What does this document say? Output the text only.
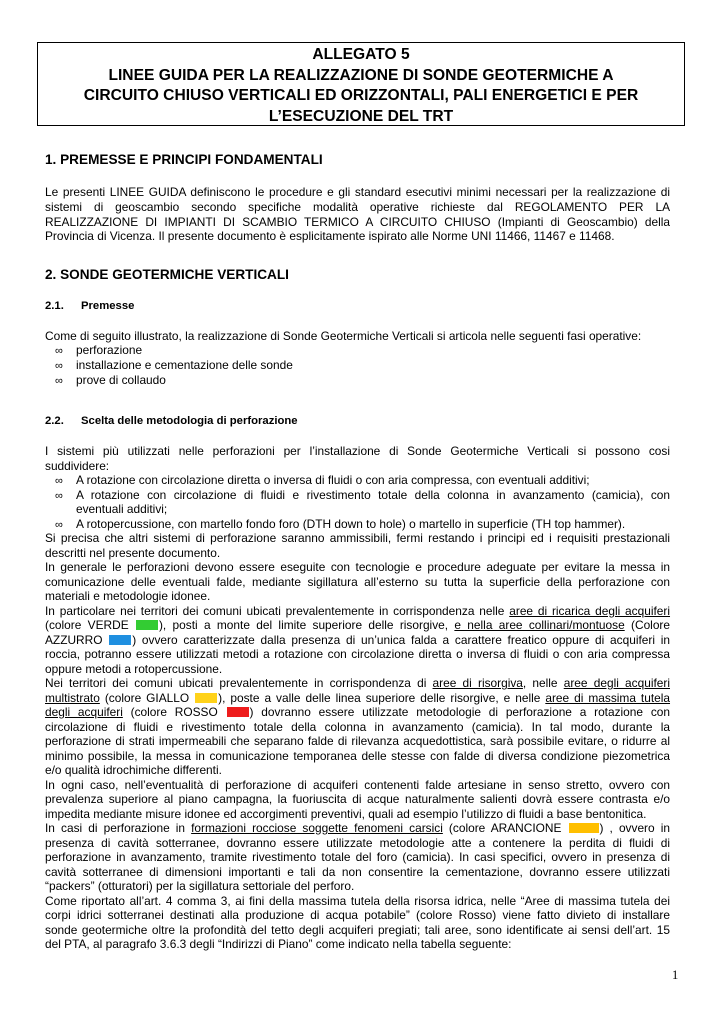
ALLEGATO 5
LINEE GUIDA PER LA REALIZZAZIONE DI SONDE GEOTERMICHE A
CIRCUITO CHIUSO VERTICALI ED ORIZZONTALI, PALI ENERGETICI E PER
L’ESECUZIONE DEL TRT
1. PREMESSE E PRINCIPI FONDAMENTALI
Le presenti LINEE GUIDA definiscono le procedure e gli standard esecutivi minimi necessari per la realizzazione di
sistemi di geoscambio secondo specifiche modalità operative richieste dal REGOLAMENTO PER LA
REALIZZAZIONE DI IMPIANTI DI SCAMBIO TERMICO A CIRCUITO CHIUSO (Impianti di Geoscambio) della
Provincia di Vicenza. Il presente documento è esplicitamente ispirato alle Norme UNI 11466, 11467 e 11468.
2. SONDE GEOTERMICHE VERTICALI
2.1. Premesse
Come di seguito illustrato, la realizzazione di Sonde Geotermiche Verticali si articola nelle seguenti fasi operative:
∞ perforazione
∞ installazione e cementazione delle sonde
∞ prove di collaudo
2.2. Scelta delle metodologia di perforazione
I sistemi più utilizzati nelle perforazioni per l’installazione di Sonde Geotermiche Verticali si possono cosi
suddividere:
∞ A rotazione con circolazione diretta o inversa di fluidi o con aria compressa, con eventuali additivi;
∞ A rotazione con circolazione di fluidi e rivestimento totale della colonna in avanzamento (camicia), con
eventuali additivi;
∞ A rotopercussione, con martello fondo foro (DTH down to hole) o martello in superficie (TH top hammer).
Si precisa che altri sistemi di perforazione saranno ammissibili, fermi restando i principi ed i requisiti prestazionali
descritti nel presente documento.
In generale le perforazioni devono essere eseguite con tecnologie e procedure adeguate per evitare la messa in
comunicazione delle eventuali falde, mediante sigillatura all’esterno su tutta la superficie della perforazione con
materiali e metodologie idonee.
In particolare nei territori dei comuni ubicati prevalentemente in corrispondenza nelle aree di ricarica degli acquiferi
(colore VERDE ), posti a monte del limite superiore delle risorgive, e nella aree collinari/montuose (Colore
AZZURRO ) ovvero caratterizzate dalla presenza di un’unica falda a carattere freatico oppure di acquiferi in
roccia, potranno essere utilizzati metodi a rotazione con circolazione diretta o inversa di fluidi o con aria compressa
oppure metodi a rotopercussione.
Nei territori dei comuni ubicati prevalentemente in corrispondenza di aree di risorgiva, nelle aree degli acquiferi
multistrato (colore GIALLO ), poste a valle delle linea superiore delle risorgive, e nelle aree di massima tutela
degli acquiferi (colore ROSSO ) dovranno essere utilizzate metodologie di perforazione a rotazione con
circolazione di fluidi e rivestimento totale della colonna in avanzamento (camicia). In tal modo, durante la
perforazione di strati impermeabili che separano falde di rilevanza acquedottistica, sarà possibile evitare, o ridurre al
minimo possibile, la messa in comunicazione temporanea delle stesse con falde di diversa condizione piezometrica
e/o qualità idrochimiche differenti.
In ogni caso, nell’eventualità di perforazione di acquiferi contenenti falde artesiane in senso stretto, ovvero con
prevalenza superiore al piano campagna, la fuoriuscita di acque naturalmente salienti dovrà essere contrasta e/o
impedita mediante misure idonee ed accorgimenti preventivi, quali ad esempio l’utilizzo di fluidi a base bentonitica.
In casi di perforazione in formazioni rocciose soggette fenomeni carsici (colore ARANCIONE	) , ovvero in
presenza di cavità sotterranee, dovranno essere utilizzate metodologie atte a contenere la perdita di fluidi di
perforazione in avanzamento, tramite rivestimento totale del foro (camicia). In casi specifici, ovvero in presenza di
cavità sotterranee di dimensioni importanti e tali da non consentire la cementazione, dovranno essere utilizzati
“packers” (otturatori) per la sigillatura settoriale del perforo.
Come riportato all’art. 4 comma 3, ai fini della massima tutela della risorsa idrica, nelle “Aree di massima tutela dei
corpi idrici sotterranei destinati alla produzione di acqua potabile” (colore Rosso) viene fatto divieto di installare
sonde geotermiche oltre la profondità del tetto degli acquiferi pregiati; tali aree, sono identificate ai sensi dell’art. 15
del PTA, al paragrafo 3.6.3 degli “Indirizzi di Piano” come indicato nella tabella seguente:
1
